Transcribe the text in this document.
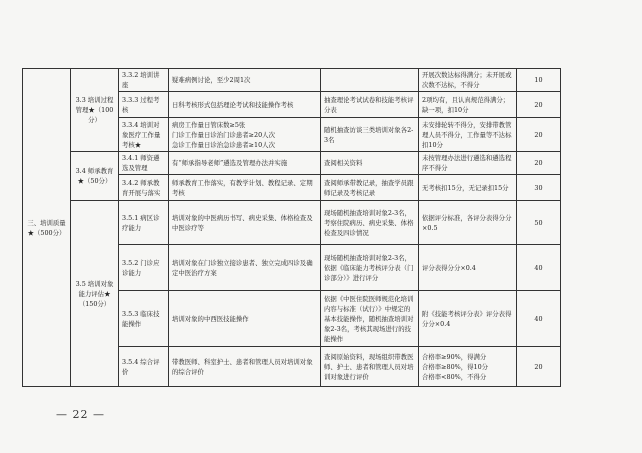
三、培训质量★（500分）	3.3 培训过程管理★（100分）	3.3.2 培训讲座	疑难病例讨论，至少2周1次		开展次数达标得满分；未开展或次数不达标，不得分	10
		3.3.3 过程考核	日科考核形式包括理论考试和技能操作考核	抽查理论考试试卷和技能考核评分表	2项均有，且认真规范得满分；缺一项，扣10分	20
		3.3.4 培训对象医疗工作量考核★	病房工作量日管床数≥5张
门诊工作量日诊治门诊患者≥20人次
急诊工作量日诊治急诊患者≥10人次	随机抽查访谈三类培训对象各2-3名	未安排轮转不得分，安排带教管理人员不得分，工作量等不达标扣10分	20
	3.4 师承教育★（50分）	3.4.1 师资遴选及管理	有“师承指导老师”遴选及管理办法并实施	查阅相关资料	未按管理办法进行遴选和遴选程序不得分	20
		3.4.2 师承教育开展与落实	师承教育工作落实，有教学计划、教程记录、定期考核	查阅师承带教记录，抽查学员跟师记录及考核记录	无考核扣15分，无记录扣15分	30
	3.5 培训对象能力评估★（150分）	3.5.1 病区诊疗能力	培训对象的中医病历书写、病史采集、体格检查及中医诊疗等	现场随机抽查培训对象2-3名，考察住院病历、病史采集、体格检查及四诊情况	依据评分标准，各评分表得分分×0.5	50
		3.5.2 门诊应诊能力	培训对象在门诊独立接诊患者、独立完成四诊及确定中医治疗方案	现场随机抽查培训对象2-3名，依据《临床能力考核评分表（门诊部分）》进行评分	评分表得分分×0.4	40
		3.5.3 临床技能操作	培训对象的中西医技能操作	依据《中医住院医师规范化培训内容与标准（试行）》中规定的基本技能操作，随机抽查培训对象2-3名，考核其现场进行的技能操作	附《技能考核评分表》评分表得分分×0.4	40
		3.5.4 综合评价	带教医师、科室护士、患者和管理人员对培训对象的综合评价	查阅原始资料，现场组织带教医师、护士、患者和管理人员对培训对象进行评价	合格率≥90%，得满分
合格率≥80%，得10分
合格率<80%，不得分	20
— 22 —
